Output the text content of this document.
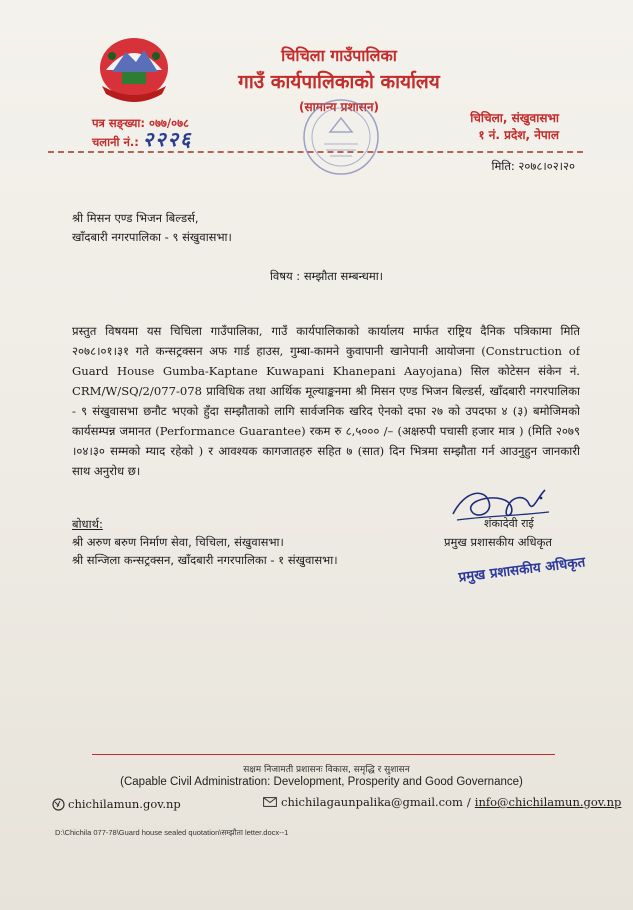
चिचिला गाउँपालिका
गाउँ कार्यपालिकाको कार्यालय
(सामान्य प्रशासन)
पत्र सङ्ख्या: ०७७/०७८
चलानी नं.: २२२६
चिचिला, संखुवासभा
१ नं. प्रदेश, नेपाल
मिति: २०७८।०२।२०
श्री मिसन एण्ड भिजन बिल्डर्स,
खाँदबारी नगरपालिका - ९ संखुवासभा।
विषय : सम्झौता सम्बन्धमा।
प्रस्तुत विषयमा यस चिचिला गाउँपालिका, गाउँ कार्यपालिकाको कार्यालय मार्फत राष्ट्रिय दैनिक पत्रिकामा मिति
२०७८।०१।३१ गते कन्सट्रक्सन अफ गार्ड हाउस, गुम्बा-कामने कुवापानी खानेपानी आयोजना (Construction of
Guard House Gumba-Kaptane Kuwapani Khanepani Aayojana) सिल कोटेसन संकेन नं.
CRM/W/SQ/2/077-078 प्राविधिक तथा आर्थिक मूल्याङ्कनमा श्री मिसन एण्ड भिजन बिल्डर्स, खाँदबारी नगरपालिका
- ९ संखुवासभा छनौट भएको हुँदा सम्झौताको लागि सार्वजनिक खरिद ऐनको दफा २७ को उपदफा ४ (३) बमोजिमको
कार्यसम्पन्न जमानत (Performance Guarantee) रकम रु ८,५००० /– (अक्षरुपी पचासी हजार मात्र ) (मिति २०७९
।०४।३० सम्मको म्याद रहेको ) र आवश्यक कागजातहरु सहित ७ (सात) दिन भित्रमा सम्झौता गर्न आउनुहुन जानकारी
साथ अनुरोध छ।
शंकादेवी राई
प्रमुख प्रशासकीय अधिकृत
प्रमुख प्रशासकीय अधिकृत
बोधार्थ:
श्री अरुण बरुण निर्माण सेवा, चिचिला, संखुवासभा।
श्री सन्जिला कन्सट्रक्सन, खाँदबारी नगरपालिका - १ संखुवासभा।
सक्षम निजामती प्रशासनः विकास, समृद्धि र सुशासन
(Capable Civil Administration: Development, Prosperity and Good Governance)
chichilamun.gov.np	chichilagaunpalika@gmail.com / info@chichilamun.gov.np
D:\Chichila 077-78\Guard house sealed quotation\सम्झौता letter.docx--1
